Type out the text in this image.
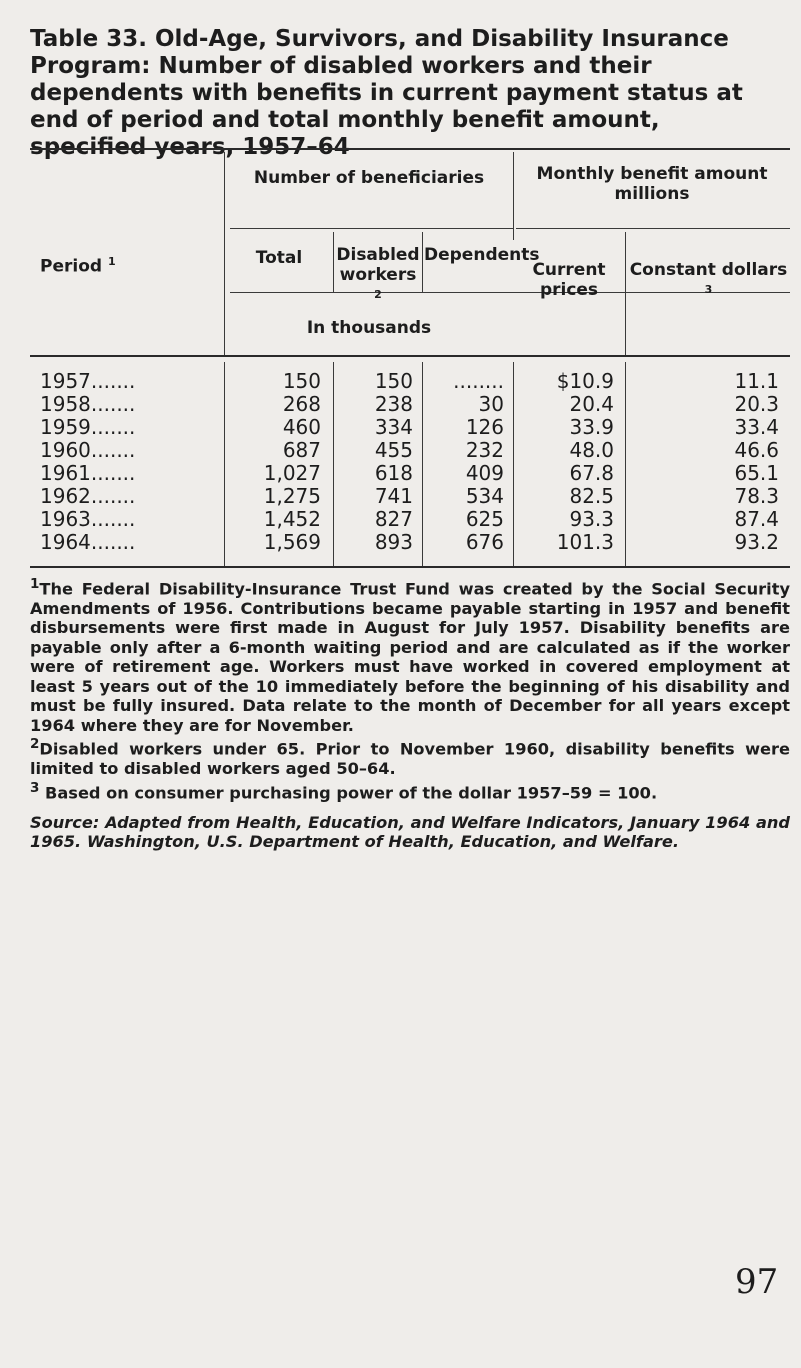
Table 33. Old-Age, Survivors, and Disability Insurance Program: Number of disabled workers and their dependents with benefits in current payment status at end of period and total monthly benefit amount, specified years, 1957–64
Number of beneficiaries	Monthly benefit amount
millions
Period $^1$	Total	Disabled workers $^2$
Dependents
Current prices
Constant dollars $^3$
In thousands
1957.......	150	150	........	$10.9	11.1
1958.......	268	238	30	20.4	20.3
1959.......	460	334	126	33.9	33.4
1960.......	687	455	232	48.0	46.6
1961.......	1,027	618	409	67.8	65.1
1962.......	1,275	741	534	82.5	78.3
1963.......	1,452	827	625	93.3	87.4
1964.......	1,569	893	676	101.3	93.2

$^1$The Federal Disability-Insurance Trust Fund was created by the Social Security Amendments of 1956. Contributions became payable starting in 1957 and benefit disbursements were first made in August for July 1957. Disability benefits are payable only after a 6-month waiting period and are calculated as if the worker were of retirement age. Workers must have worked in covered employment at least 5 years out of the 10 immediately before the beginning of his disability and must be fully insured. Data relate to the month of December for all years except 1964 where they are for November.

$^2$Disabled workers under 65. Prior to November 1960, disability benefits were limited to disabled workers aged 50–64.

$^3$ Based on consumer purchasing power of the dollar 1957–59 = 100.

Source: Adapted from Health, Education, and Welfare Indicators, January 1964 and 1965. Washington, U.S. Department of Health, Education, and Welfare.

97
